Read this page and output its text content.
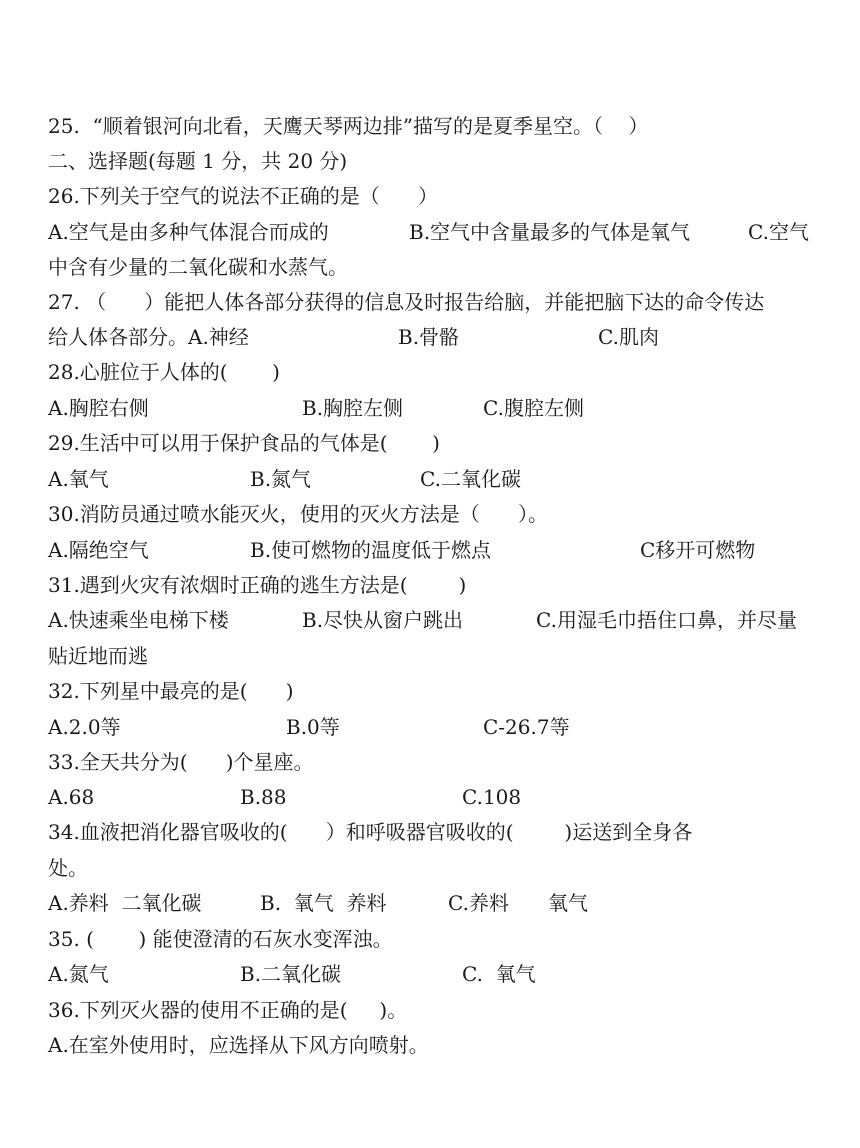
25.  “顺着银河向北看，天鹰天琴两边排”描写的是夏季星空。（    ）
二、选择题(每题 1 分，共 20 分)
26.下列关于空气的说法不正确的是（      ）
A.空气是由多种气体混合而成的	B.空气中含量最多的气体是氧气	C.空气
中含有少量的二氧化碳和水蒸气。
27. （      ）能把人体各部分获得的信息及时报告给脑，并能把脑下达的命令传达
给人体各部分。A.神经	B.骨骼	C.肌肉
28.心脏位于人体的(       )
A.胸腔右侧	B.胸腔左侧	C.腹腔左侧
29.生活中可以用于保护食品的气体是(       )
A.氧气	B.氮气	C.二氧化碳
30.消防员通过喷水能灭火，使用的灭火方法是（      ）。
A.隔绝空气	B.使可燃物的温度低于燃点	C移开可燃物
31.遇到火灾有浓烟时正确的逃生方法是(        )
A.快速乘坐电梯下楼	B.尽快从窗户跳出	C.用湿毛巾捂住口鼻，并尽量
贴近地而逃
32.下列星中最亮的是(      )
A.2.0等	B.0等	C-26.7等
33.全天共分为(      )个星座。
A.68	B.88	C.108
34.血液把消化器官吸收的(      ）和呼吸器官吸收的(        )运送到全身各
处。
A.养料  二氧化碳	B.  氧气  养料	C.养料 氧气
35. (       ) 能使澄清的石灰水变浑浊。
A.氮气	B.二氧化碳	C.  氧气
36.下列灭火器的使用不正确的是(     )。
A.在室外使用时，应选择从下风方向喷射。
